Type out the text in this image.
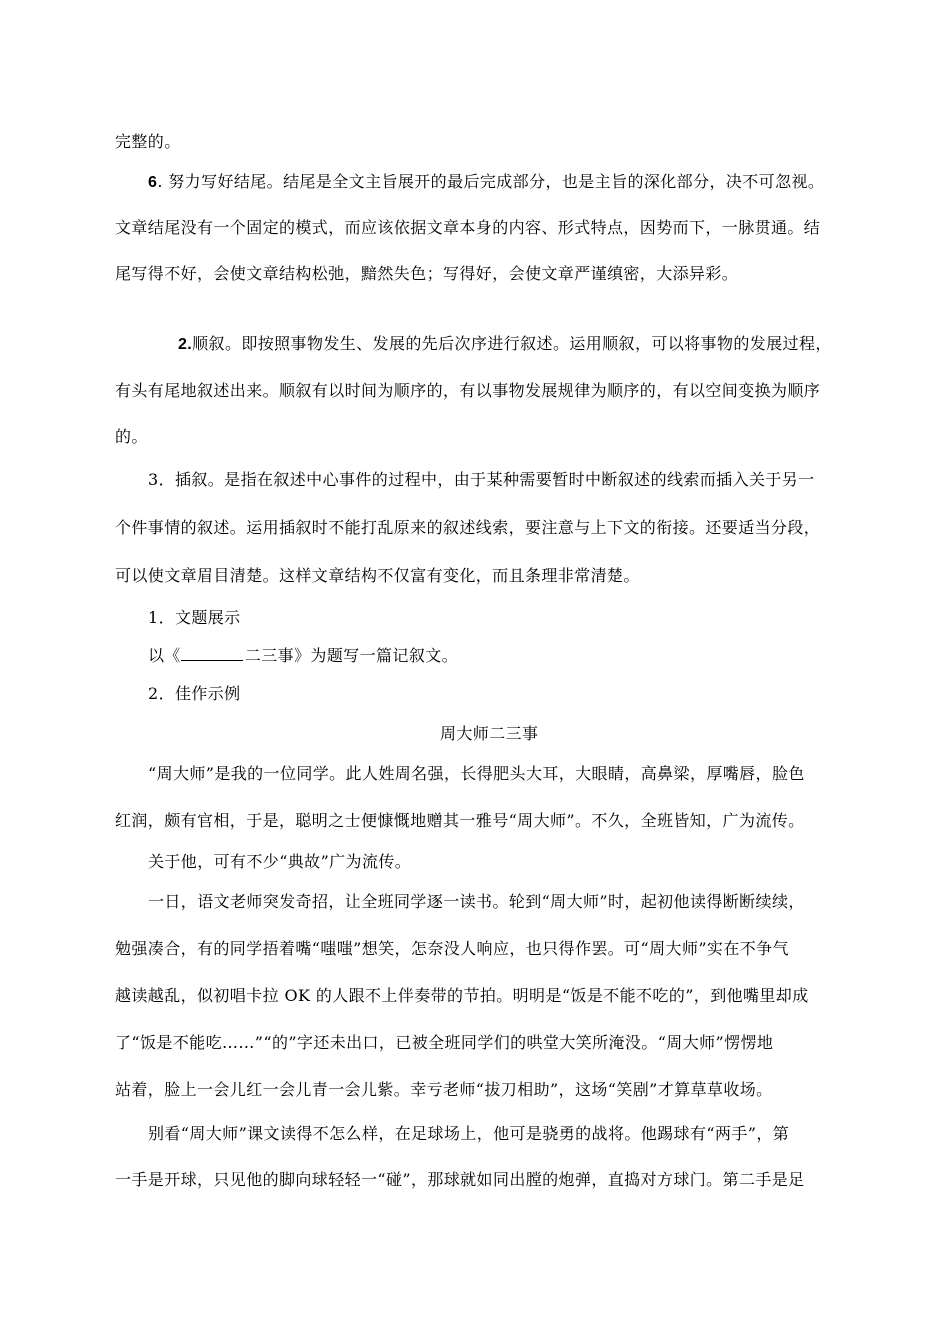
完整的。
6. 努力写好结尾。结尾是全文主旨展开的最后完成部分，也是主旨的深化部分，决不可忽视。
文章结尾没有一个固定的模式，而应该依据文章本身的内容、形式特点，因势而下，一脉贯通。结
尾写得不好，会使文章结构松弛，黯然失色；写得好，会使文章严谨缜密，大添异彩。
2.顺叙。即按照事物发生、发展的先后次序进行叙述。运用顺叙，可以将事物的发展过程，
有头有尾地叙述出来。顺叙有以时间为顺序的，有以事物发展规律为顺序的，有以空间变换为顺序
的。
3．插叙。是指在叙述中心事件的过程中，由于某种需要暂时中断叙述的线索而插入关于另一
个件事情的叙述。运用插叙时不能打乱原来的叙述线索，要注意与上下文的衔接。还要适当分段，
可以使文章眉目清楚。这样文章结构不仅富有变化，而且条理非常清楚。
1．文题展示
以《	二三事》为题写一篇记叙文。
2．佳作示例
周大师二三事
“周大师”是我的一位同学。此人姓周名强，长得肥头大耳，大眼睛，高鼻梁，厚嘴唇，脸色
红润，颇有官相，于是，聪明之士便慷慨地赠其一雅号“周大师”。不久，全班皆知，广为流传。
关于他，可有不少“典故”广为流传。
一日，语文老师突发奇招，让全班同学逐一读书。轮到“周大师”时，起初他读得断断续续，
勉强凑合，有的同学捂着嘴“嗤嗤”想笑，怎奈没人响应，也只得作罢。可“周大师”实在不争气
越读越乱，似初唱卡拉 OK 的人跟不上伴奏带的节拍。明明是“饭是不能不吃的”，到他嘴里却成
了“饭是不能吃……”“的”字还未出口，已被全班同学们的哄堂大笑所淹没。“周大师”愣愣地
站着，脸上一会儿红一会儿青一会儿紫。幸亏老师“拔刀相助”，这场“笑剧”才算草草收场。
别看“周大师”课文读得不怎么样，在足球场上，他可是骁勇的战将。他踢球有“两手”，第
一手是开球，只见他的脚向球轻轻一“碰”，那球就如同出膛的炮弹，直捣对方球门。第二手是足
